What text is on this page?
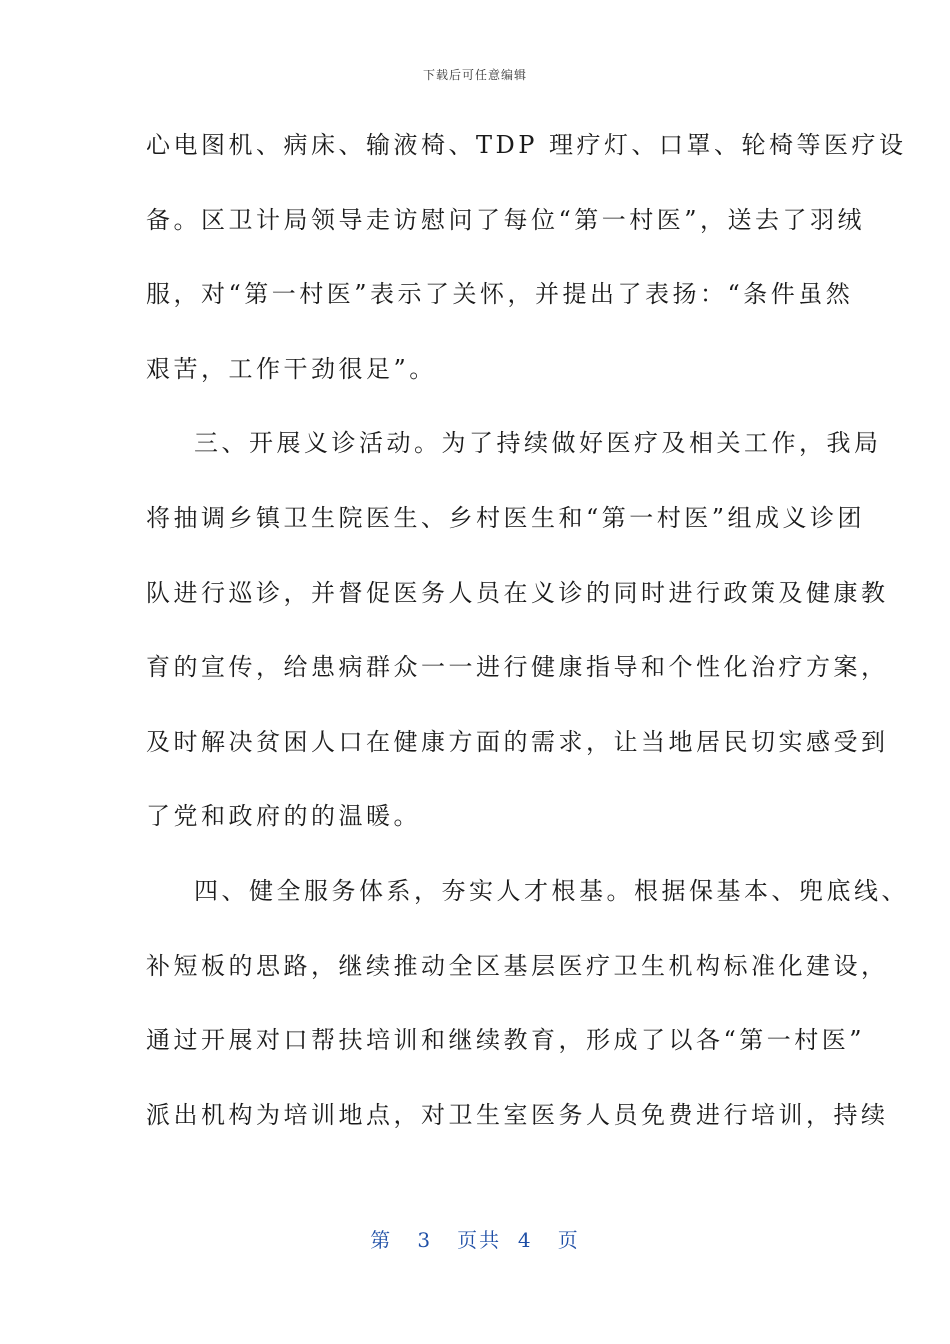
下载后可任意编辑
心电图机、病床、输液椅、TDP 理疗灯、口罩、轮椅等医疗设
备。区卫计局领导走访慰问了每位“第一村医”，送去了羽绒
服，对“第一村医”表示了关怀，并提出了表扬：“条件虽然
艰苦，工作干劲很足”。
三、开展义诊活动。为了持续做好医疗及相关工作，我局
将抽调乡镇卫生院医生、乡村医生和“第一村医”组成义诊团
队进行巡诊，并督促医务人员在义诊的同时进行政策及健康教
育的宣传，给患病群众一一进行健康指导和个性化治疗方案，
及时解决贫困人口在健康方面的需求，让当地居民切实感受到
了党和政府的的温暖。
四、健全服务体系，夯实人才根基。根据保基本、兜底线、
补短板的思路，继续推动全区基层医疗卫生机构标准化建设，
通过开展对口帮扶培训和继续教育，形成了以各“第一村医”
派出机构为培训地点，对卫生室医务人员免费进行培训，持续
第 3 页共 4 页
